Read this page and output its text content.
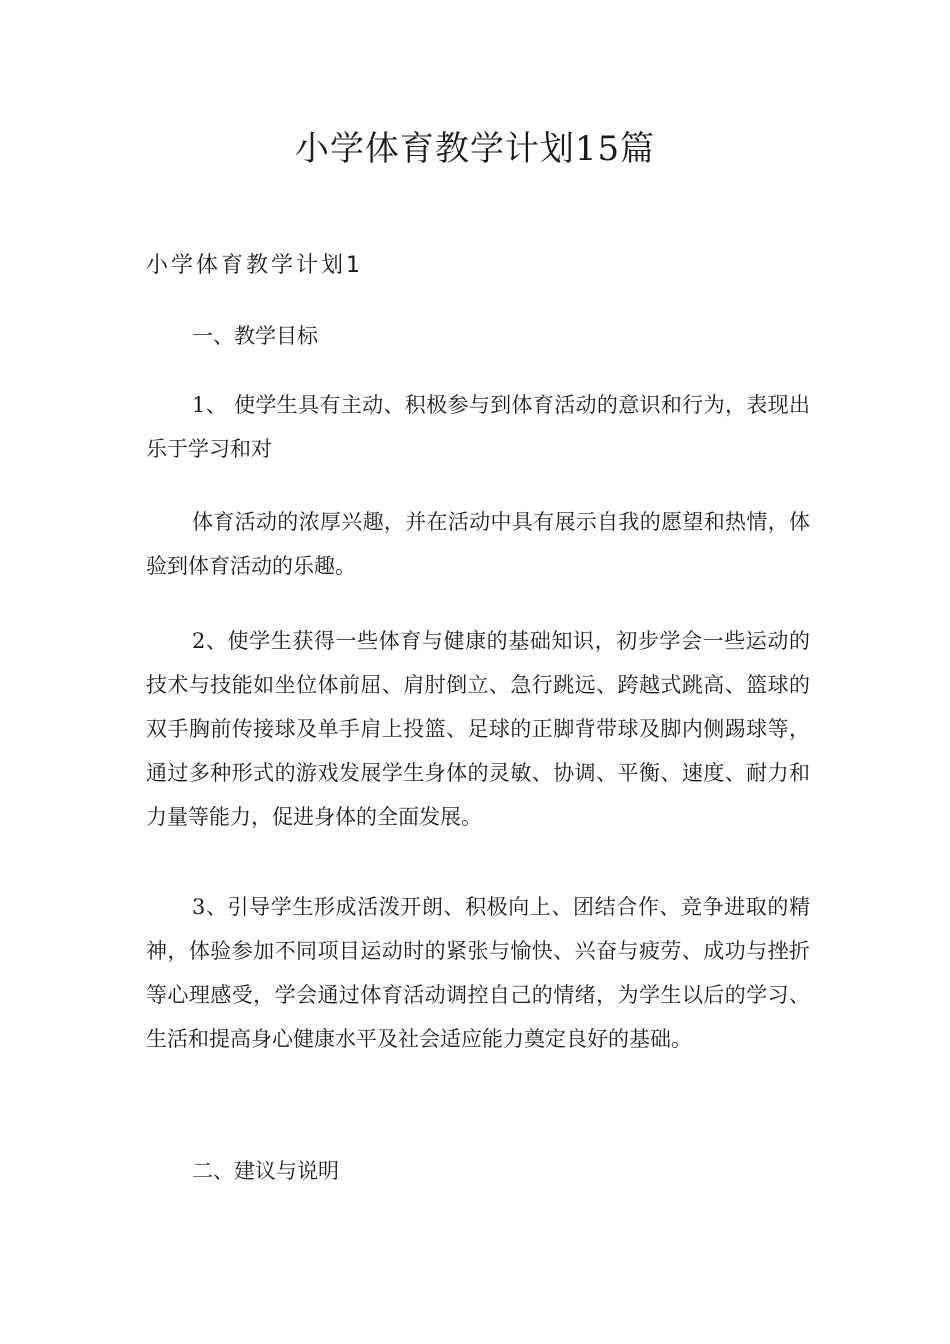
小学体育教学计划15篇
小学体育教学计划1
一、教学目标

1、 使学生具有主动、积极参与到体育活动的意识和行为，表现出乐于学习和对

体育活动的浓厚兴趣，并在活动中具有展示自我的愿望和热情，体验到体育活动的乐趣。

2、使学生获得一些体育与健康的基础知识，初步学会一些运动的技术与技能如坐位体前屈、肩肘倒立、急行跳远、跨越式跳高、篮球的双手胸前传接球及单手肩上投篮、足球的正脚背带球及脚内侧踢球等，通过多种形式的游戏发展学生身体的灵敏、协调、平衡、速度、耐力和力量等能力，促进身体的全面发展。

3、引导学生形成活泼开朗、积极向上、团结合作、竞争进取的精神，体验参加不同项目运动时的紧张与愉快、兴奋与疲劳、成功与挫折等心理感受，学会通过体育活动调控自己的情绪，为学生以后的学习、生活和提高身心健康水平及社会适应能力奠定良好的基础。

二、建议与说明
